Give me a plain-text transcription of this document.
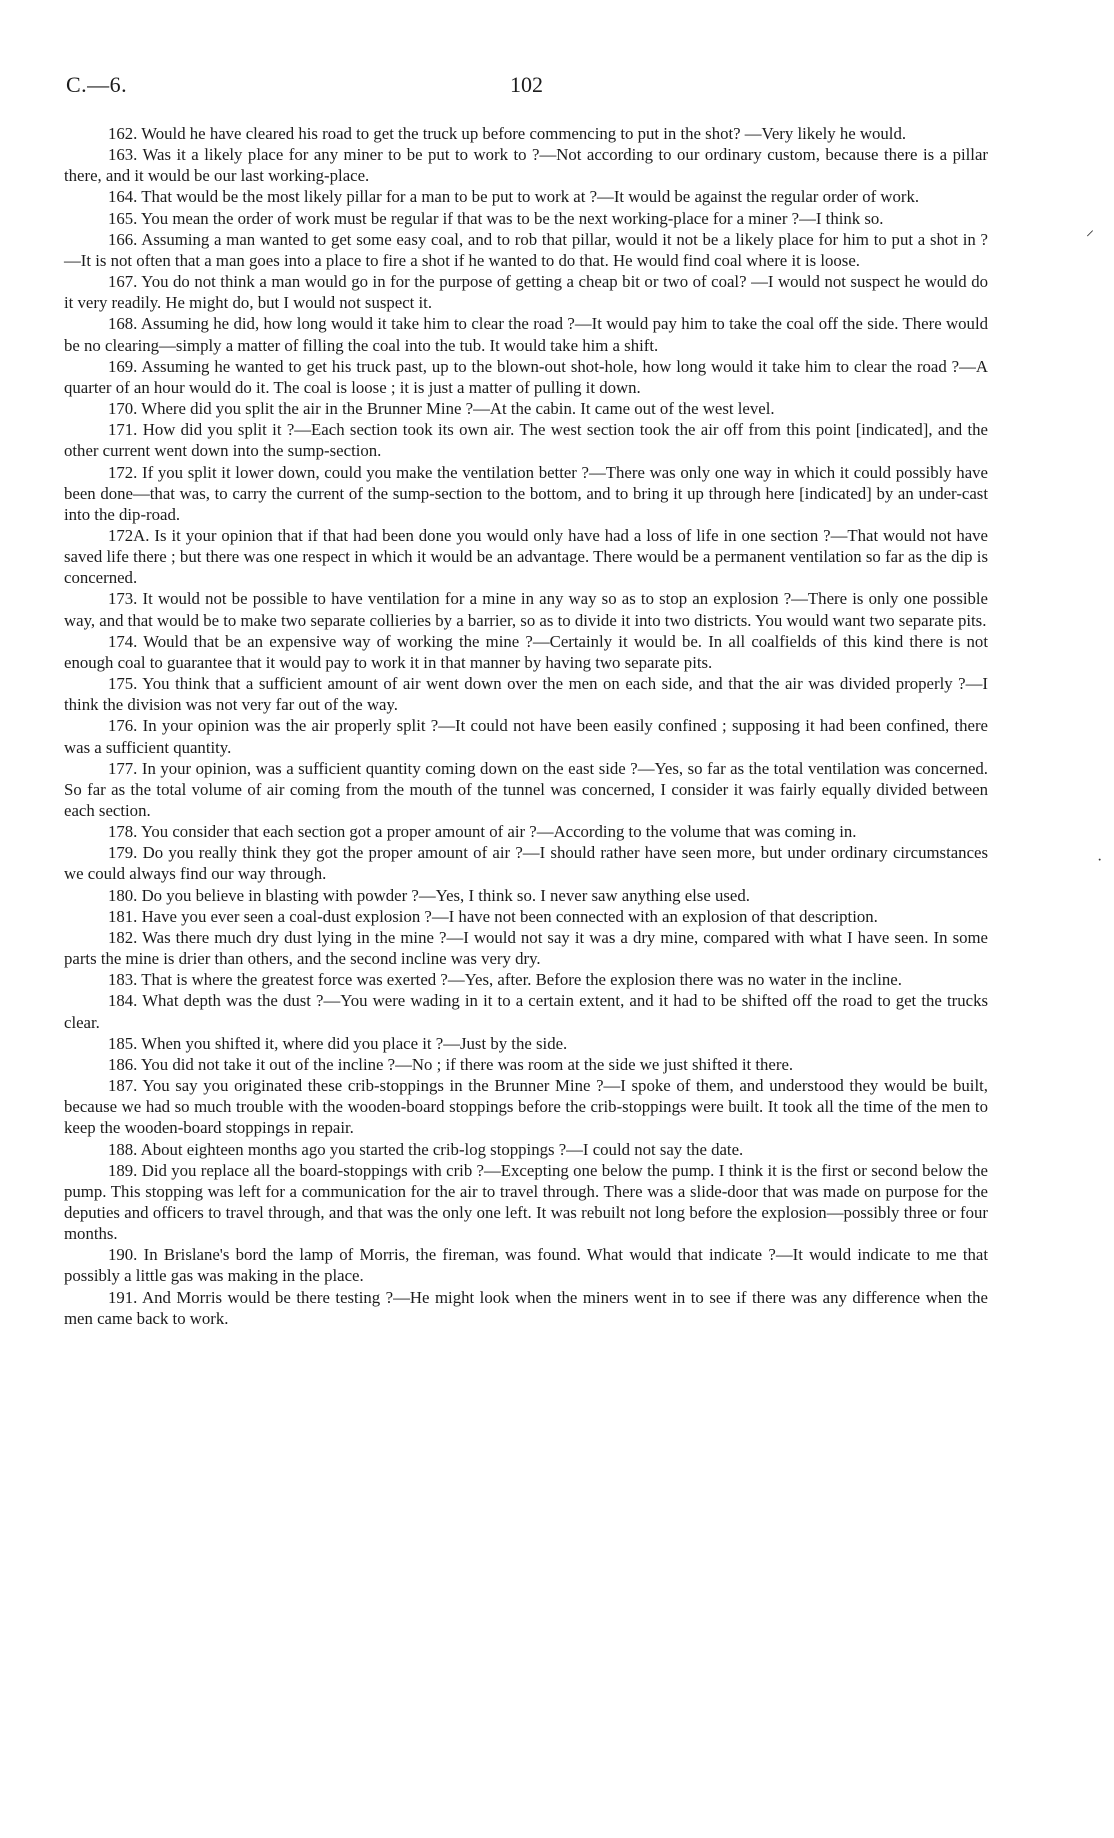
C.—6.	102
⸝
·

162. Would he have cleared his road to get the truck up before commencing to put in the shot? —Very likely he would.

163. Was it a likely place for any miner to be put to work to ?—Not according to our ordinary custom, because there is a pillar there, and it would be our last working-place.

164. That would be the most likely pillar for a man to be put to work at ?—It would be against the regular order of work.

165. You mean the order of work must be regular if that was to be the next working-place for a miner ?—I think so.

166. Assuming a man wanted to get some easy coal, and to rob that pillar, would it not be a likely place for him to put a shot in ?—It is not often that a man goes into a place to fire a shot if he wanted to do that. He would find coal where it is loose.

167. You do not think a man would go in for the purpose of getting a cheap bit or two of coal? —I would not suspect he would do it very readily. He might do, but I would not suspect it.

168. Assuming he did, how long would it take him to clear the road ?—It would pay him to take the coal off the side. There would be no clearing—simply a matter of filling the coal into the tub. It would take him a shift.

169. Assuming he wanted to get his truck past, up to the blown-out shot-hole, how long would it take him to clear the road ?—A quarter of an hour would do it. The coal is loose ; it is just a matter of pulling it down.

170. Where did you split the air in the Brunner Mine ?—At the cabin. It came out of the west level.

171. How did you split it ?—Each section took its own air. The west section took the air off from this point [indicated], and the other current went down into the sump-section.

172. If you split it lower down, could you make the ventilation better ?—There was only one way in which it could possibly have been done—that was, to carry the current of the sump-section to the bottom, and to bring it up through here [indicated] by an under-cast into the dip-road.

172A. Is it your opinion that if that had been done you would only have had a loss of life in one section ?—That would not have saved life there ; but there was one respect in which it would be an advantage. There would be a permanent ventilation so far as the dip is concerned.

173. It would not be possible to have ventilation for a mine in any way so as to stop an explosion ?—There is only one possible way, and that would be to make two separate collieries by a barrier, so as to divide it into two districts. You would want two separate pits.

174. Would that be an expensive way of working the mine ?—Certainly it would be. In all coalfields of this kind there is not enough coal to guarantee that it would pay to work it in that manner by having two separate pits.

175. You think that a sufficient amount of air went down over the men on each side, and that the air was divided properly ?—I think the division was not very far out of the way.

176. In your opinion was the air properly split ?—It could not have been easily confined ; supposing it had been confined, there was a sufficient quantity.

177. In your opinion, was a sufficient quantity coming down on the east side ?—Yes, so far as the total ventilation was concerned. So far as the total volume of air coming from the mouth of the tunnel was concerned, I consider it was fairly equally divided between each section.

178. You consider that each section got a proper amount of air ?—According to the volume that was coming in.

179. Do you really think they got the proper amount of air ?—I should rather have seen more, but under ordinary circumstances we could always find our way through.

180. Do you believe in blasting with powder ?—Yes, I think so. I never saw anything else used.

181. Have you ever seen a coal-dust explosion ?—I have not been connected with an explosion of that description.

182. Was there much dry dust lying in the mine ?—I would not say it was a dry mine, compared with what I have seen. In some parts the mine is drier than others, and the second incline was very dry.

183. That is where the greatest force was exerted ?—Yes, after. Before the explosion there was no water in the incline.

184. What depth was the dust ?—You were wading in it to a certain extent, and it had to be shifted off the road to get the trucks clear.

185. When you shifted it, where did you place it ?—Just by the side.

186. You did not take it out of the incline ?—No ; if there was room at the side we just shifted it there.

187. You say you originated these crib-stoppings in the Brunner Mine ?—I spoke of them, and understood they would be built, because we had so much trouble with the wooden-board stoppings before the crib-stoppings were built. It took all the time of the men to keep the wooden-board stoppings in repair.

188. About eighteen months ago you started the crib-log stoppings ?—I could not say the date.

189. Did you replace all the board-stoppings with crib ?—Excepting one below the pump. I think it is the first or second below the pump. This stopping was left for a communication for the air to travel through. There was a slide-door that was made on purpose for the deputies and officers to travel through, and that was the only one left. It was rebuilt not long before the explosion—possibly three or four months.

190. In Brislane's bord the lamp of Morris, the fireman, was found. What would that indicate ?—It would indicate to me that possibly a little gas was making in the place.

191. And Morris would be there testing ?—He might look when the miners went in to see if there was any difference when the men came back to work.
